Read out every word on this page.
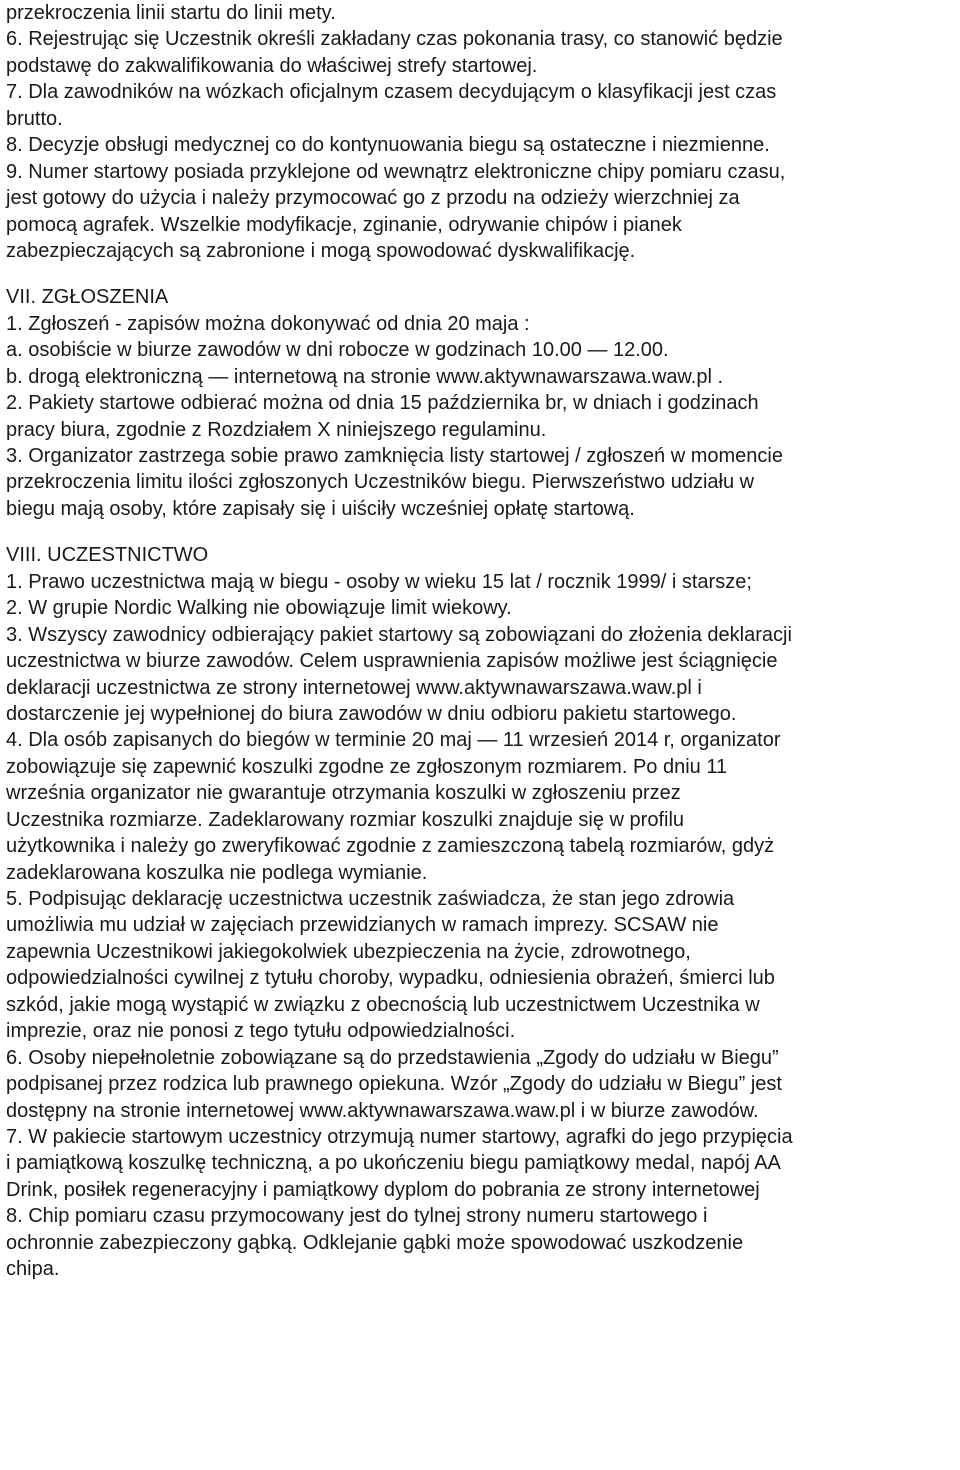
przekroczenia linii startu do linii mety.
6. Rejestrując się Uczestnik określi zakładany czas pokonania trasy, co stanowić będzie
podstawę do zakwalifikowania do właściwej strefy startowej.
7. Dla zawodników na wózkach oficjalnym czasem decydującym o klasyfikacji jest czas
brutto.
8. Decyzje obsługi medycznej co do kontynuowania biegu są ostateczne i niezmienne.
9. Numer startowy posiada przyklejone od wewnątrz elektroniczne chipy pomiaru czasu,
jest gotowy do użycia i należy przymocować go z przodu na odzieży wierzchniej za
pomocą agrafek. Wszelkie modyfikacje, zginanie, odrywanie chipów i pianek
zabezpieczających są zabronione i mogą spowodować dyskwalifikację.
VII. ZGŁOSZENIA
1. Zgłoszeń - zapisów można dokonywać od dnia 20 maja :
a. osobiście w biurze zawodów w dni robocze w godzinach 10.00 — 12.00.
b. drogą elektroniczną — internetową na stronie www.aktywnawarszawa.waw.pl .
2. Pakiety startowe odbierać można od dnia 15 października br, w dniach i godzinach
pracy biura, zgodnie z Rozdziałem X niniejszego regulaminu.
3. Organizator zastrzega sobie prawo zamknięcia listy startowej / zgłoszeń w momencie
przekroczenia limitu ilości zgłoszonych Uczestników biegu. Pierwszeństwo udziału w
biegu mają osoby, które zapisały się i uiściły wcześniej opłatę startową.
VIII. UCZESTNICTWO
1. Prawo uczestnictwa mają w biegu - osoby w wieku 15 lat / rocznik 1999/ i starsze;
2. W grupie Nordic Walking nie obowiązuje limit wiekowy.
3. Wszyscy zawodnicy odbierający pakiet startowy są zobowiązani do złożenia deklaracji
uczestnictwa w biurze zawodów. Celem usprawnienia zapisów możliwe jest ściągnięcie
deklaracji uczestnictwa ze strony internetowej www.aktywnawarszawa.waw.pl i
dostarczenie jej wypełnionej do biura zawodów w dniu odbioru pakietu startowego.
4. Dla osób zapisanych do biegów w terminie 20 maj — 11 wrzesień 2014 r, organizator
zobowiązuje się zapewnić koszulki zgodne ze zgłoszonym rozmiarem. Po dniu 11
września organizator nie gwarantuje otrzymania koszulki w zgłoszeniu przez
Uczestnika rozmiarze. Zadeklarowany rozmiar koszulki znajduje się w profilu
użytkownika i należy go zweryfikować zgodnie z zamieszczoną tabelą rozmiarów, gdyż
zadeklarowana koszulka nie podlega wymianie.
5. Podpisując deklarację uczestnictwa uczestnik zaświadcza, że stan jego zdrowia
umożliwia mu udział w zajęciach przewidzianych w ramach imprezy. SCSAW nie
zapewnia Uczestnikowi jakiegokolwiek ubezpieczenia na życie, zdrowotnego,
odpowiedzialności cywilnej z tytułu choroby, wypadku, odniesienia obrażeń, śmierci lub
szkód, jakie mogą wystąpić w związku z obecnością lub uczestnictwem Uczestnika w
imprezie, oraz nie ponosi z tego tytułu odpowiedzialności.
6. Osoby niepełnoletnie zobowiązane są do przedstawienia „Zgody do udziału w Biegu”
podpisanej przez rodzica lub prawnego opiekuna. Wzór „Zgody do udziału w Biegu” jest
dostępny na stronie internetowej www.aktywnawarszawa.waw.pl i w biurze zawodów.
7. W pakiecie startowym uczestnicy otrzymują numer startowy, agrafki do jego przypięcia
i pamiątkową koszulkę techniczną, a po ukończeniu biegu pamiątkowy medal, napój AA
Drink, posiłek regeneracyjny i pamiątkowy dyplom do pobrania ze strony internetowej
8. Chip pomiaru czasu przymocowany jest do tylnej strony numeru startowego i
ochronnie zabezpieczony gąbką. Odklejanie gąbki może spowodować uszkodzenie
chipa.
